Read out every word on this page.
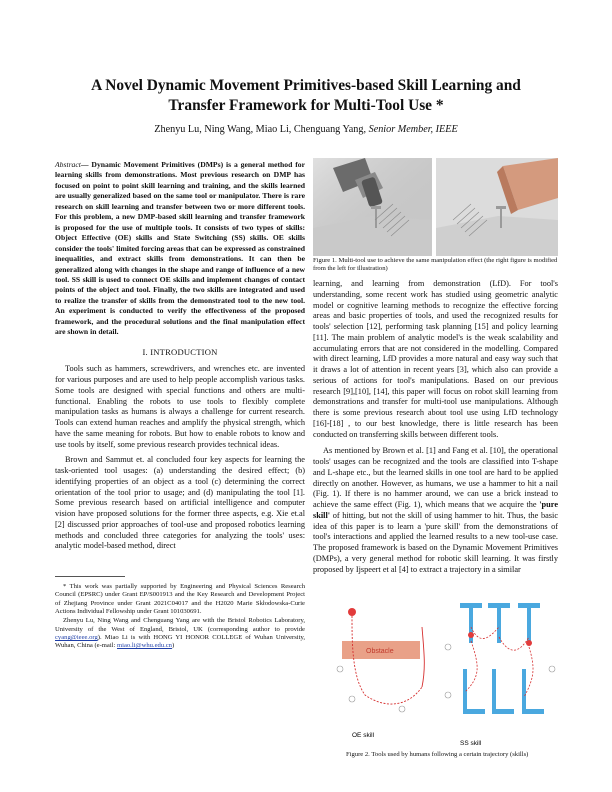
A Novel Dynamic Movement Primitives-based Skill Learning and
Transfer Framework for Multi-Tool Use *
Zhenyu Lu, Ning Wang, Miao Li, Chenguang Yang, Senior Member, IEEE

Abstract— Dynamic Movement Primitives (DMPs) is a general method for learning skills from demonstrations. Most previous research on DMP has focused on point to point skill learning and training, and the skills learned are usually generalized based on the same tool or manipulator. There is rare research on skill learning and transfer between two or more different tools. For this problem, a new DMP-based skill learning and transfer framework is proposed for the use of multiple tools. It consists of two types of skills: Object Effective (OE) skills and State Switching (SS) skills. OE skills consider the tools' limited forcing areas that can be expressed as constrained inequalities, and extract skills from demonstrations. It can then be generalized along with changes in the shape and range of influence of a new tool. SS skill is used to connect OE skills and implement changes of contact points of the object and tool. Finally, the two skills are integrated and used to realize the transfer of skills from the demonstrated tool to the new tool. An experiment is conducted to verify the effectiveness of the proposed framework, and the procedural solutions and the final manipulation effect are shown in detail.

I. INTRODUCTION

Tools such as hammers, screwdrivers, and wrenches etc. are invented for various purposes and are used to help people accomplish various tasks. Some tools are designed with special functions and others are multi-functional. Enabling the robots to use tools to flexibly complete manipulation tasks as humans is always a challenge for current research. Tools can extend human reaches and amplify the physical strength, which have the same meaning for robots. But how to enable robots to know and use tools by itself, some previous research provides technical ideas.

Brown and Sammut et. al concluded four key aspects for learning the task-oriented tool usages: (a) understanding the desired effect; (b) identifying properties of an object as a tool (c) determining the correct orientation of the tool prior to usage; and (d) manipulating the tool [1]. Some previous research based on artificial intelligence and computer vision have proposed solutions for the former three aspects, e.g. Xie et.al [2] discussed prior approaches of tool-use and proposed robotics learning methods and concluded three categories for analyzing the tools' uses: analytic model-based method, direct

* This work was partially supported by Engineering and Physical Sciences Research Council (EPSRC) under Grant EP/S001913 and the Key Research and Development Project of Zhejiang Province under Grant 2021C04017 and the H2020 Marie Skłodowska-Curie Actions Individual Fellowship under Grant 101030691.

Zhenyu Lu, Ning Wang and Chenguang Yang are with the Bristol Robotics Laboratory, University of the West of England, Bristol, UK (corresponding author to provide cyang@ieee.org). Miao Li is with HONG YI HONOR COLLEGE of Wuhan University, Wuhan, China (e-mail: miao.li@whu.edu.cn)

Figure 1. Multi-tool use to achieve the same manipulation effect (the right figure is modified from the left for illustration)

learning, and learning from demonstration (LfD). For tool's understanding, some recent work has studied using geometric analytic model or cognitive learning methods to recognize the effective forcing areas and basic properties of tools, and used the recognized results for tools' selection [12], performing task planning [15] and policy learning [11]. The main problem of analytic model's is the weak scalability and accumulating errors that are not considered in the modelling. Compared with direct learning, LfD provides a more natural and easy way such that it draws a lot of attention in recent years [3], which also can provide a serious of actions for tool's manipulations. Based on our previous research [9],[10], [14], this paper will focus on robot skill learning from demonstrations and transfer for multi-tool use manipulations. Although there is some previous research about tool use using LfD technology [16]-[18] , to our best knowledge, there is little research has been conducted on transferring skills between different tools.

As mentioned by Brown et al. [1] and Fang et al. [10], the operational tools' usages can be recognized and the tools are classified into T-shape and L-shape etc., but the learned skills in one tool are hard to be applied directly on another. However, as humans, we use a hammer to hit a nail (Fig. 1). If there is no hammer around, we can use a brick instead to achieve the same effect (Fig. 1), which means that we acquire the 'pure skill' of hitting, but not the skill of using hammer to hit. Thus, the basic idea of this paper is to learn a 'pure skill' from the demonstrations of tool's interactions and applied the learned results to a new tool-use case. The proposed framework is based on the Dynamic Movement Primitives (DMPs), a very general method for robotic skill learning. It was firstly proposed by Ijspeert et al [4] to extract a trajectory in a similar

Obstacle
OE skill
SS skill
Figure 2. Tools used by humans following a certain trajectory (skills)
